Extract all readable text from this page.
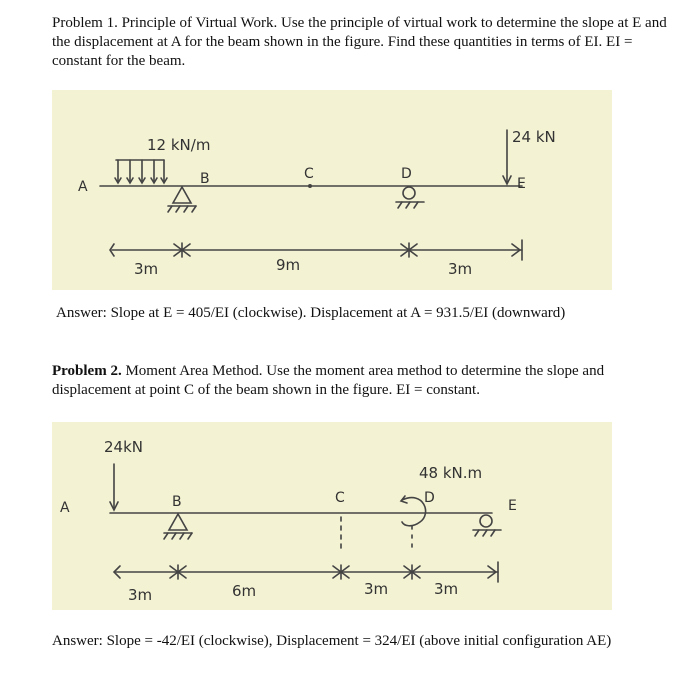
Problem 1. Principle of Virtual Work. Use the principle of virtual work to determine the slope at E and the displacement at A for the beam shown in the figure. Find these quantities in terms of EI. EI = constant for the beam.

12 kN/m	24 kN
A	B	C	D
E
3m	9m	3m
Answer: Slope at E = 405/EI (clockwise). Displacement at A = 931.5/EI (downward)

Problem 2. Moment Area Method. Use the moment area method to determine the slope and displacement at point C of the beam shown in the figure. EI = constant.

24kN
48 kN.m
A	B	C	D	E
3m	6m	3m	3m
Answer: Slope = -42/EI (clockwise), Displacement = 324/EI (above initial configuration AE)
